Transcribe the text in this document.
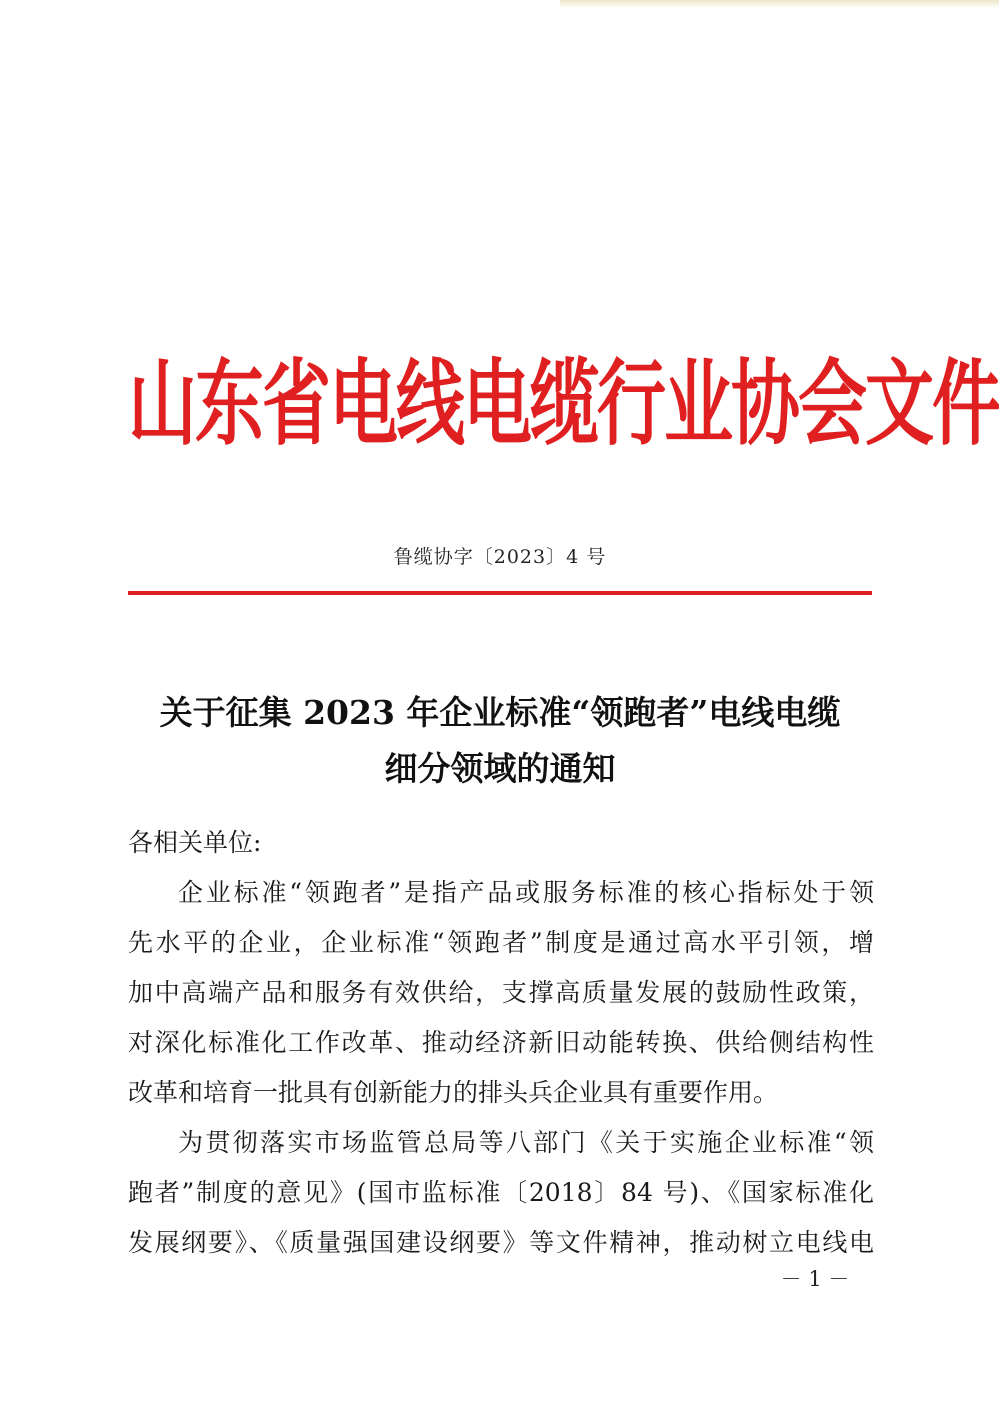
山东省电线电缆行业协会文件
鲁缆协字〔2023〕4 号
关于征集 2023 年企业标准“领跑者”电线电缆
细分领域的通知
各相关单位:
企业标准“领跑者”是指产品或服务标准的核心指标处于领
先水平的企业，企业标准“领跑者”制度是通过高水平引领，增
加中高端产品和服务有效供给，支撑高质量发展的鼓励性政策，
对深化标准化工作改革、推动经济新旧动能转换、供给侧结构性
改革和培育一批具有创新能力的排头兵企业具有重要作用。
为贯彻落实市场监管总局等八部门《关于实施企业标准“领
跑者”制度的意见》(国市监标准〔2018〕84 号)、《国家标准化
发展纲要》、《质量强国建设纲要》等文件精神，推动树立电线电
－ 1 －
